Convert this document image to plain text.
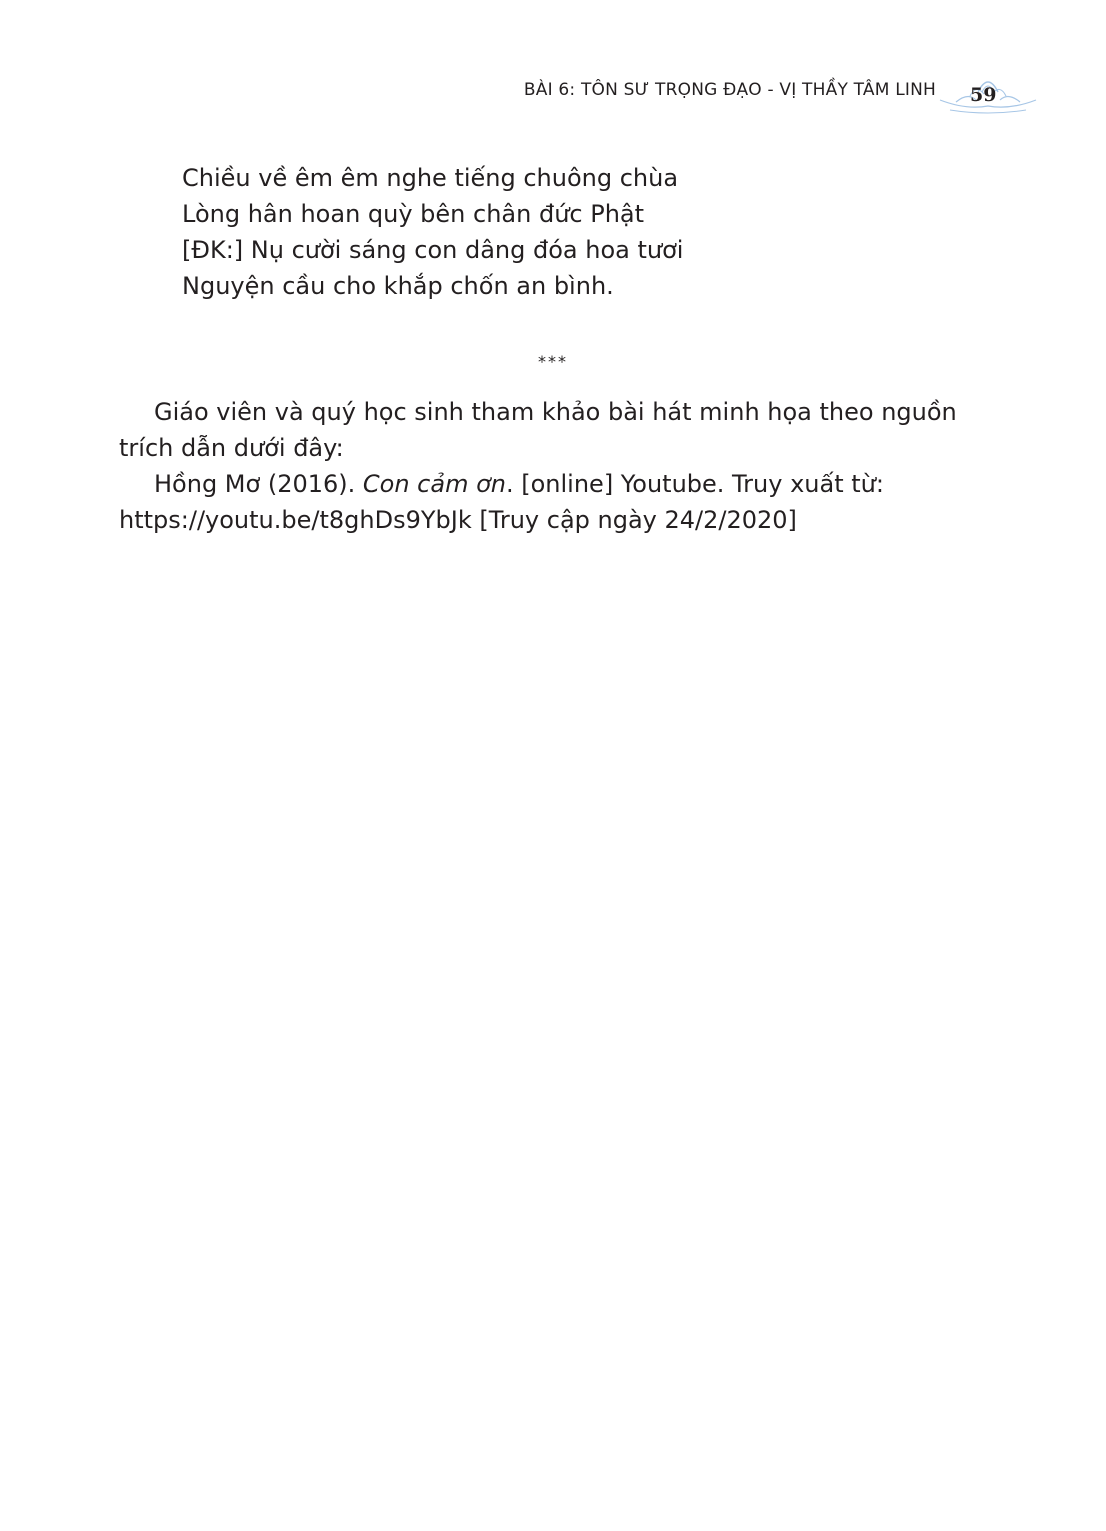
BÀI 6: TÔN SƯ TRỌNG ĐẠO - VỊ THẦY TÂM LINH 59
Chiều về êm êm nghe tiếng chuông chùa
Lòng hân hoan quỳ bên chân đức Phật
[ĐK:] Nụ cười sáng con dâng đóa hoa tươi
Nguyện cầu cho khắp chốn an bình.
***
Giáo viên và quý học sinh tham khảo bài hát minh họa theo nguồn trích dẫn dưới đây:
Hồng Mơ (2016). Con cảm ơn. [online] Youtube. Truy xuất từ: https://youtu.be/t8ghDs9YbJk [Truy cập ngày 24/2/2020]
